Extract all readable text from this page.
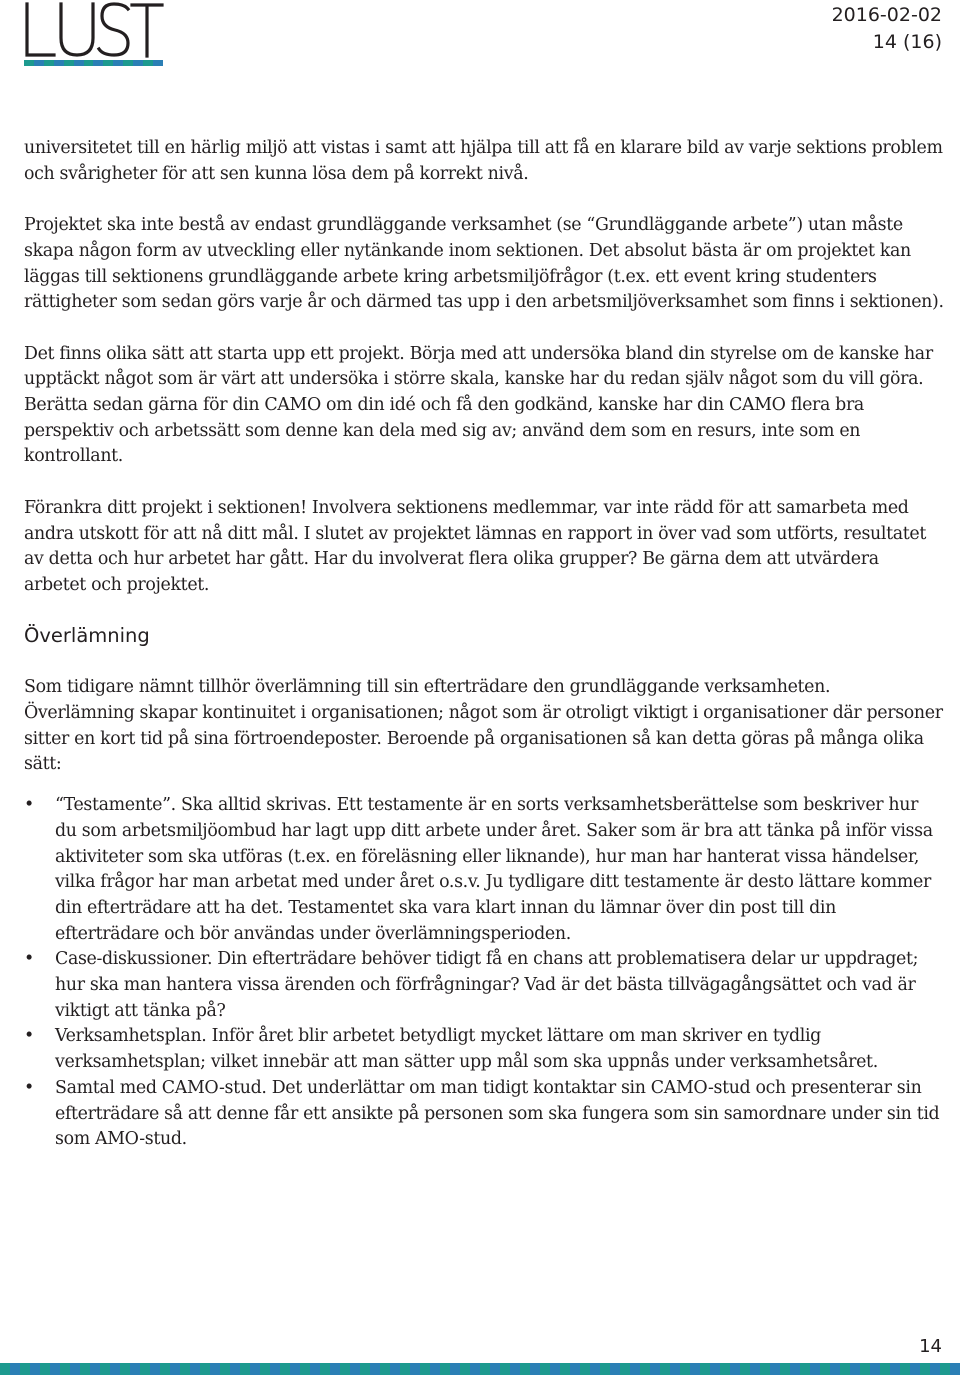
2016-02-02
14 (16)

universitetet till en härlig miljö att vistas i samt att hjälpa till att få en klarare bild av varje sektions problem och svårigheter för att sen kunna lösa dem på korrekt nivå.

Projektet ska inte bestå av endast grundläggande verksamhet (se “Grundläggande arbete”) utan måste skapa någon form av utveckling eller nytänkande inom sektionen. Det absolut bästa är om projektet kan läggas till sektionens grundläggande arbete kring arbetsmiljöfrågor (t.ex. ett event kring studenters rättigheter som sedan görs varje år och därmed tas upp i den arbetsmiljöverksamhet som finns i sektionen).

Det finns olika sätt att starta upp ett projekt. Börja med att undersöka bland din styrelse om de kanske har upptäckt något som är värt att undersöka i större skala, kanske har du redan själv något som du vill göra. Berätta sedan gärna för din CAMO om din idé och få den godkänd, kanske har din CAMO flera bra perspektiv och arbetssätt som denne kan dela med sig av; använd dem som en resurs, inte som en kontrollant.

Förankra ditt projekt i sektionen! Involvera sektionens medlemmar, var inte rädd för att samarbeta med andra utskott för att nå ditt mål. I slutet av projektet lämnas en rapport in över vad som utförts, resultatet av detta och hur arbetet har gått. Har du involverat flera olika grupper? Be gärna dem att utvärdera arbetet och projektet.

Överlämning

Som tidigare nämnt tillhör överlämning till sin efterträdare den grundläggande verksamheten. Överlämning skapar kontinuitet i organisationen; något som är otroligt viktigt i organisationer där personer sitter en kort tid på sina förtroendeposter. Beroende på organisationen så kan detta göras på många olika sätt:

• “Testamente”. Ska alltid skrivas. Ett testamente är en sorts verksamhetsberättelse som beskriver hur du som arbetsmiljöombud har lagt upp ditt arbete under året. Saker som är bra att tänka på inför vissa aktiviteter som ska utföras (t.ex. en föreläsning eller liknande), hur man har hanterat vissa händelser, vilka frågor har man arbetat med under året o.s.v. Ju tydligare ditt testamente är desto lättare kommer din efterträdare att ha det. Testamentet ska vara klart innan du lämnar över din post till din efterträdare och bör användas under överlämningsperioden.
• Case-diskussioner. Din efterträdare behöver tidigt få en chans att problematisera delar ur uppdraget; hur ska man hantera vissa ärenden och förfrågningar? Vad är det bästa tillvägagångsättet och vad är viktigt att tänka på?
• Verksamhetsplan. Inför året blir arbetet betydligt mycket lättare om man skriver en tydlig verksamhetsplan; vilket innebär att man sätter upp mål som ska uppnås under verksamhetsåret.
• Samtal med CAMO-stud. Det underlättar om man tidigt kontaktar sin CAMO-stud och presenterar sin efterträdare så att denne får ett ansikte på personen som ska fungera som sin samordnare under sin tid som AMO-stud.
14
